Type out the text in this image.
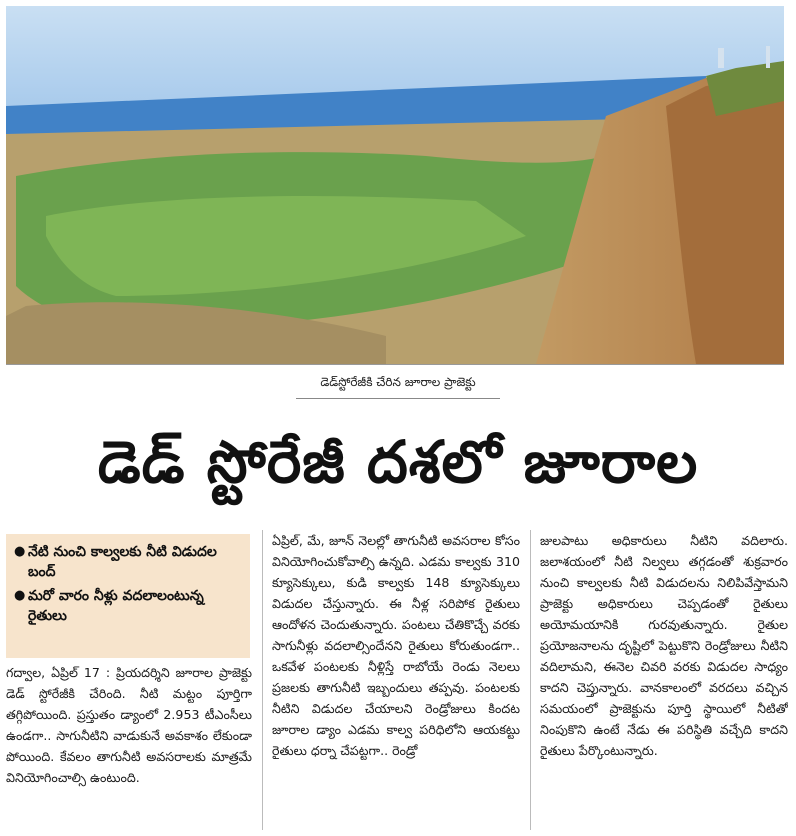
డెడ్‌స్టోరేజీకి చేరిన జూరాల ప్రాజెక్టు
డెడ్ స్టోరేజీ దశలో జూరాల
● నేటి నుంచి కాల్వలకు నీటి విడుదల బంద్
● మరో వారం నీళ్లు వదలాలంటున్న రైతులు
గద్వాల, ఏప్రిల్ 17 : ప్రియదర్శిని జూరాల ప్రాజెక్టు డెడ్ స్టోరేజీకి చేరింది. నీటి మట్టం పూర్తిగా తగ్గిపోయింది. ప్రస్తుతం డ్యాంలో 2.953 టీఎంసీలు ఉండగా.. సాగునీటిని వాడుకునే అవకాశం లేకుండా పోయింది. కేవలం తాగునీటి అవసరాలకు మాత్రమే వినియోగించాల్సి ఉంటుంది.
ఏప్రిల్, మే, జూన్ నెలల్లో తాగునీటి అవసరాల కోసం వినియోగించుకోవాల్సి ఉన్నది. ఎడమ కాల్వకు 310 క్యూసెక్కులు, కుడి కాల్వకు 148 క్యూసెక్కులు విడుదల చేస్తున్నారు. ఈ నీళ్ల సరిపోక రైతులు ఆందోళన చెందుతున్నారు. పంటలు చేతికొచ్చే వరకు సాగునీళ్లు వదలాల్సిందేనని రైతులు కోరుతుండగా.. ఒకవేళ పంటలకు నీళ్లిస్తే రాబోయే రెండు నెలలు ప్రజలకు తాగునీటి ఇబ్బందులు తప్పవు. పంటలకు నీటిని విడుదల చేయాలని రెండ్రోజులు కిందట జూరాల డ్యాం ఎడమ కాల్వ పరిధిలోని ఆయకట్టు రైతులు ధర్నా చేపట్టగా.. రెండ్రో
జులపాటు అధికారులు నీటిని వదిలారు. జలాశయంలో నీటి నిల్వలు తగ్గడంతో శుక్రవారం నుంచి కాల్వలకు నీటి విడుదలను నిలిపివేస్తామని ప్రాజెక్టు అధికారులు చెప్పడంతో రైతులు అయోమయానికి గురవుతున్నారు. రైతుల ప్రయోజనాలను దృష్టిలో పెట్టుకొని రెండ్రోజులు నీటిని వదిలామని, ఈనెల చివరి వరకు విడుదల సాధ్యం కాదని చెప్తున్నారు. వానకాలంలో వరదలు వచ్చిన సమయంలో ప్రాజెక్టును పూర్తి స్థాయిలో నీటితో నింపుకొని ఉంటే నేడు ఈ పరిస్థితి వచ్చేది కాదని రైతులు పేర్కొంటున్నారు.
